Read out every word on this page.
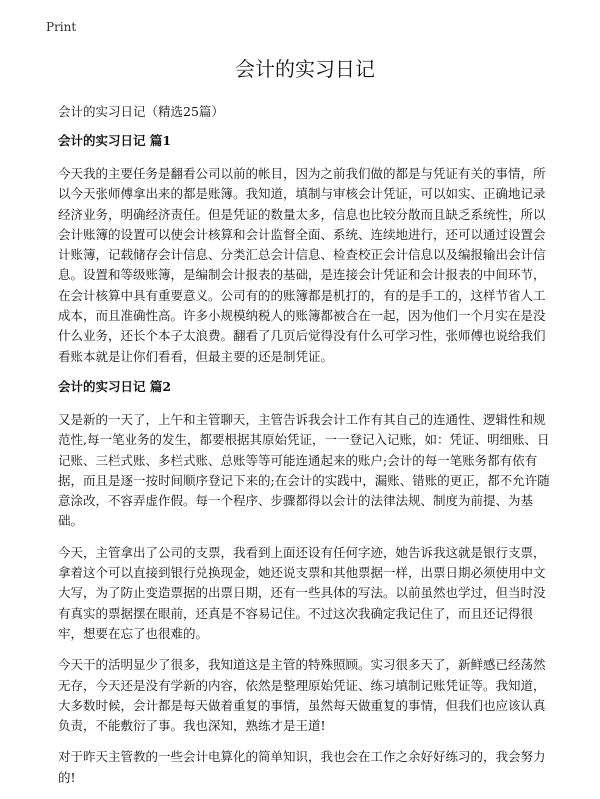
Print
会计的实习日记

会计的实习日记（精选25篇）

会计的实习日记 篇1

今天我的主要任务是翻看公司以前的帐目，因为之前我们做的都是与凭证有关的事情，所以今天张师傅拿出来的都是账簿。我知道，填制与审核会计凭证，可以如实、正确地记录经济业务，明确经济责任。但是凭证的数量太多，信息也比较分散而且缺乏系统性，所以会计账簿的设置可以使会计核算和会计监督全面、系统、连续地进行，还可以通过设置会计账簿，记载储存会计信息、分类汇总会计信息、检查校正会计信息以及编报输出会计信息。设置和等级账簿，是编制会计报表的基础，是连接会计凭证和会计报表的中间环节，在会计核算中具有重要意义。公司有的的账簿都是机打的，有的是手工的，这样节省人工成本，而且准确性高。许多小规模纳税人的账簿都被合在一起，因为他们一个月实在是没什么业务，还长个本子太浪费。翻看了几页后觉得没有什么可学习性，张师傅也说给我们看账本就是让你们看看，但最主要的还是制凭证。

会计的实习日记 篇2

又是新的一天了，上午和主管聊天，主管告诉我会计工作有其自己的连通性、逻辑性和规范性,每一笔业务的发生，都要根据其原始凭证，一一登记入记账，如：凭证、明细账、日记账、三栏式账、多栏式账、总账等等可能连通起来的账户;会计的每一笔账务都有依有据，而且是逐一按时间顺序登记下来的;在会计的实践中，漏账、错账的更正，都不允许随意涂改，不容弄虚作假。每一个程序、步骤都得以会计的法律法规、制度为前提、为基础。

今天，主管拿出了公司的支票，我看到上面还设有任何字迹，她告诉我这就是银行支票，拿着这个可以直接到银行兑换现金，她还说支票和其他票据一样，出票日期必须使用中文大写，为了防止变造票据的出票日期，还有一些具体的写法。以前虽然也学过，但当时没有真实的票据摆在眼前，还真是不容易记住。不过这次我确定我记住了，而且还记得很牢，想要在忘了也很难的。

今天干的活明显少了很多，我知道这是主管的特殊照顾。实习很多天了，新鲜感已经荡然无存，今天还是没有学新的内容，依然是整理原始凭证、练习填制记账凭证等。我知道，大多数时候，会计都是每天做着重复的事情，虽然每天做重复的事情，但我们也应该认真负责，不能敷衍了事。我也深知，熟练才是王道!

对于昨天主管教的一些会计电算化的简单知识，我也会在工作之余好好练习的，我会努力的!
